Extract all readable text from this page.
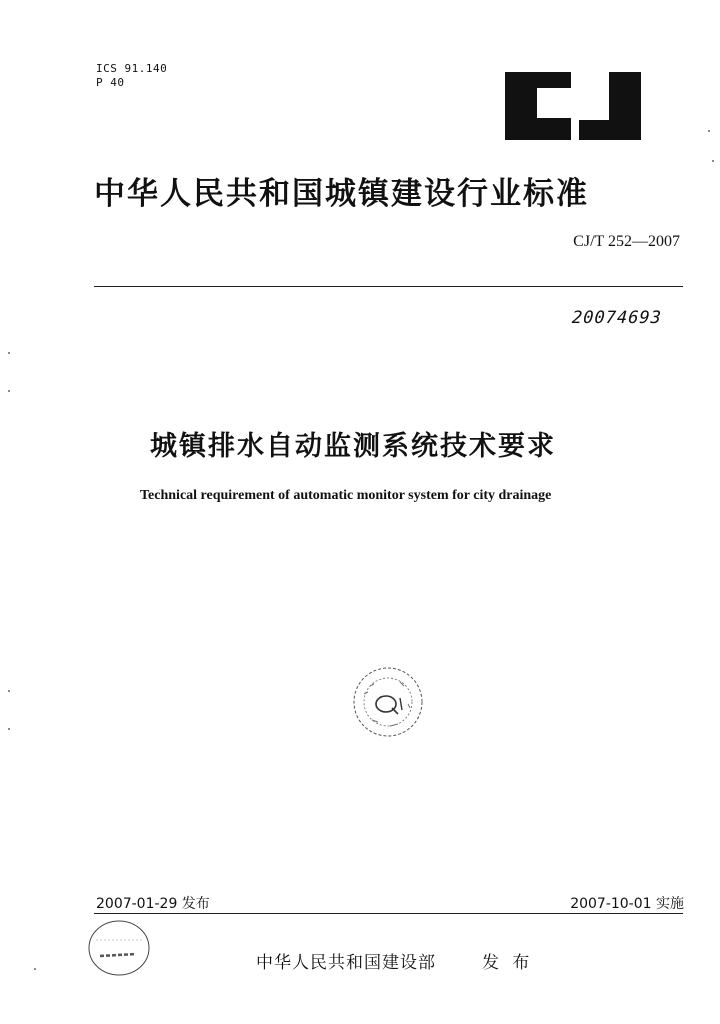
ICS 91.140
P 40
中华人民共和国城镇建设行业标准
CJ/T 252—2007
20074693
城镇排水自动监测系统技术要求
Technical requirement of automatic monitor system for city drainage
2007-01-29 发布	2007-10-01 实施
中华人民共和国建设部	发 布
